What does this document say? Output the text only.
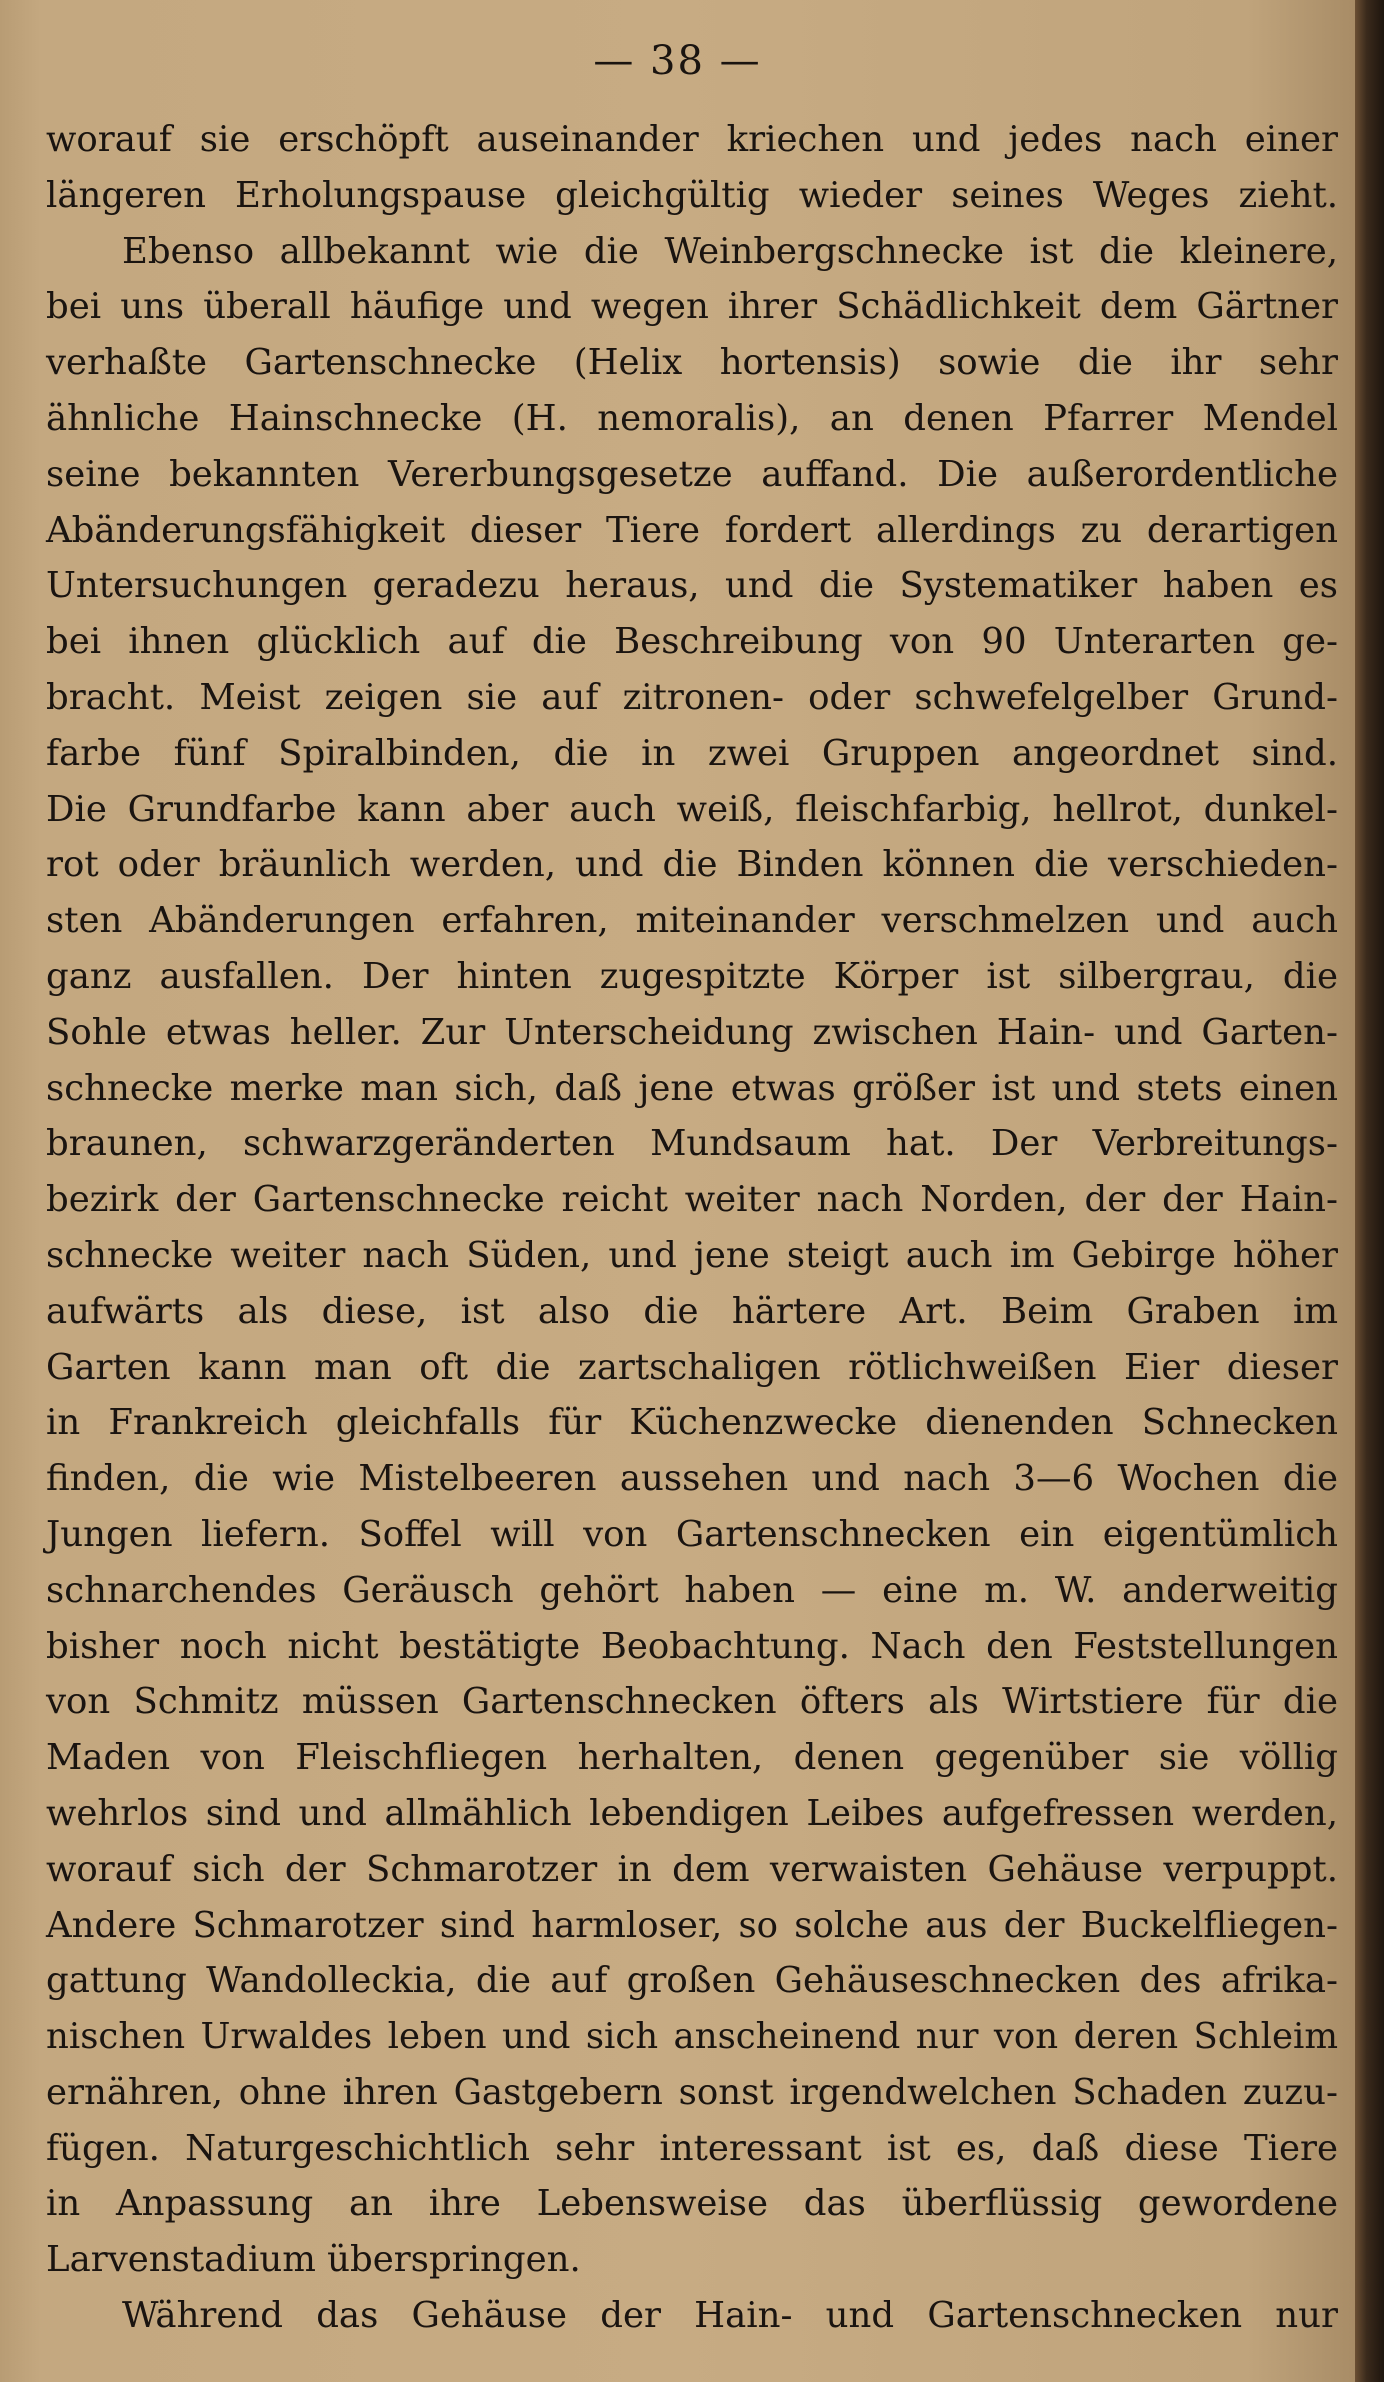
— 38 —
worauf sie erschöpft auseinander kriechen und jedes nach einer
längeren Erholungspause gleichgültig wieder seines Weges zieht.
Ebenso allbekannt wie die Weinbergschnecke ist die kleinere,
bei uns überall häufige und wegen ihrer Schädlichkeit dem Gärtner
verhaßte Gartenschnecke (Helix hortensis) sowie die ihr sehr
ähnliche Hainschnecke (H. nemoralis), an denen Pfarrer Mendel
seine bekannten Vererbungsgesetze auffand. Die außerordentliche
Abänderungsfähigkeit dieser Tiere fordert allerdings zu derartigen
Untersuchungen geradezu heraus, und die Systematiker haben es
bei ihnen glücklich auf die Beschreibung von 90 Unterarten ge-
bracht. Meist zeigen sie auf zitronen- oder schwefelgelber Grund-
farbe fünf Spiralbinden, die in zwei Gruppen angeordnet sind.
Die Grundfarbe kann aber auch weiß, fleischfarbig, hellrot, dunkel-
rot oder bräunlich werden, und die Binden können die verschieden-
sten Abänderungen erfahren, miteinander verschmelzen und auch
ganz ausfallen. Der hinten zugespitzte Körper ist silbergrau, die
Sohle etwas heller. Zur Unterscheidung zwischen Hain- und Garten-
schnecke merke man sich, daß jene etwas größer ist und stets einen
braunen, schwarzgeränderten Mundsaum hat. Der Verbreitungs-
bezirk der Gartenschnecke reicht weiter nach Norden, der der Hain-
schnecke weiter nach Süden, und jene steigt auch im Gebirge höher
aufwärts als diese, ist also die härtere Art. Beim Graben im
Garten kann man oft die zartschaligen rötlichweißen Eier dieser
in Frankreich gleichfalls für Küchenzwecke dienenden Schnecken
finden, die wie Mistelbeeren aussehen und nach 3—6 Wochen die
Jungen liefern. Soffel will von Gartenschnecken ein eigentümlich
schnarchendes Geräusch gehört haben — eine m. W. anderweitig
bisher noch nicht bestätigte Beobachtung. Nach den Feststellungen
von Schmitz müssen Gartenschnecken öfters als Wirtstiere für die
Maden von Fleischfliegen herhalten, denen gegenüber sie völlig
wehrlos sind und allmählich lebendigen Leibes aufgefressen werden,
worauf sich der Schmarotzer in dem verwaisten Gehäuse verpuppt.
Andere Schmarotzer sind harmloser, so solche aus der Buckelfliegen-
gattung Wandolleckia, die auf großen Gehäuseschnecken des afrika-
nischen Urwaldes leben und sich anscheinend nur von deren Schleim
ernähren, ohne ihren Gastgebern sonst irgendwelchen Schaden zuzu-
fügen. Naturgeschichtlich sehr interessant ist es, daß diese Tiere
in Anpassung an ihre Lebensweise das überflüssig gewordene
Larvenstadium überspringen.
Während das Gehäuse der Hain- und Gartenschnecken nur
